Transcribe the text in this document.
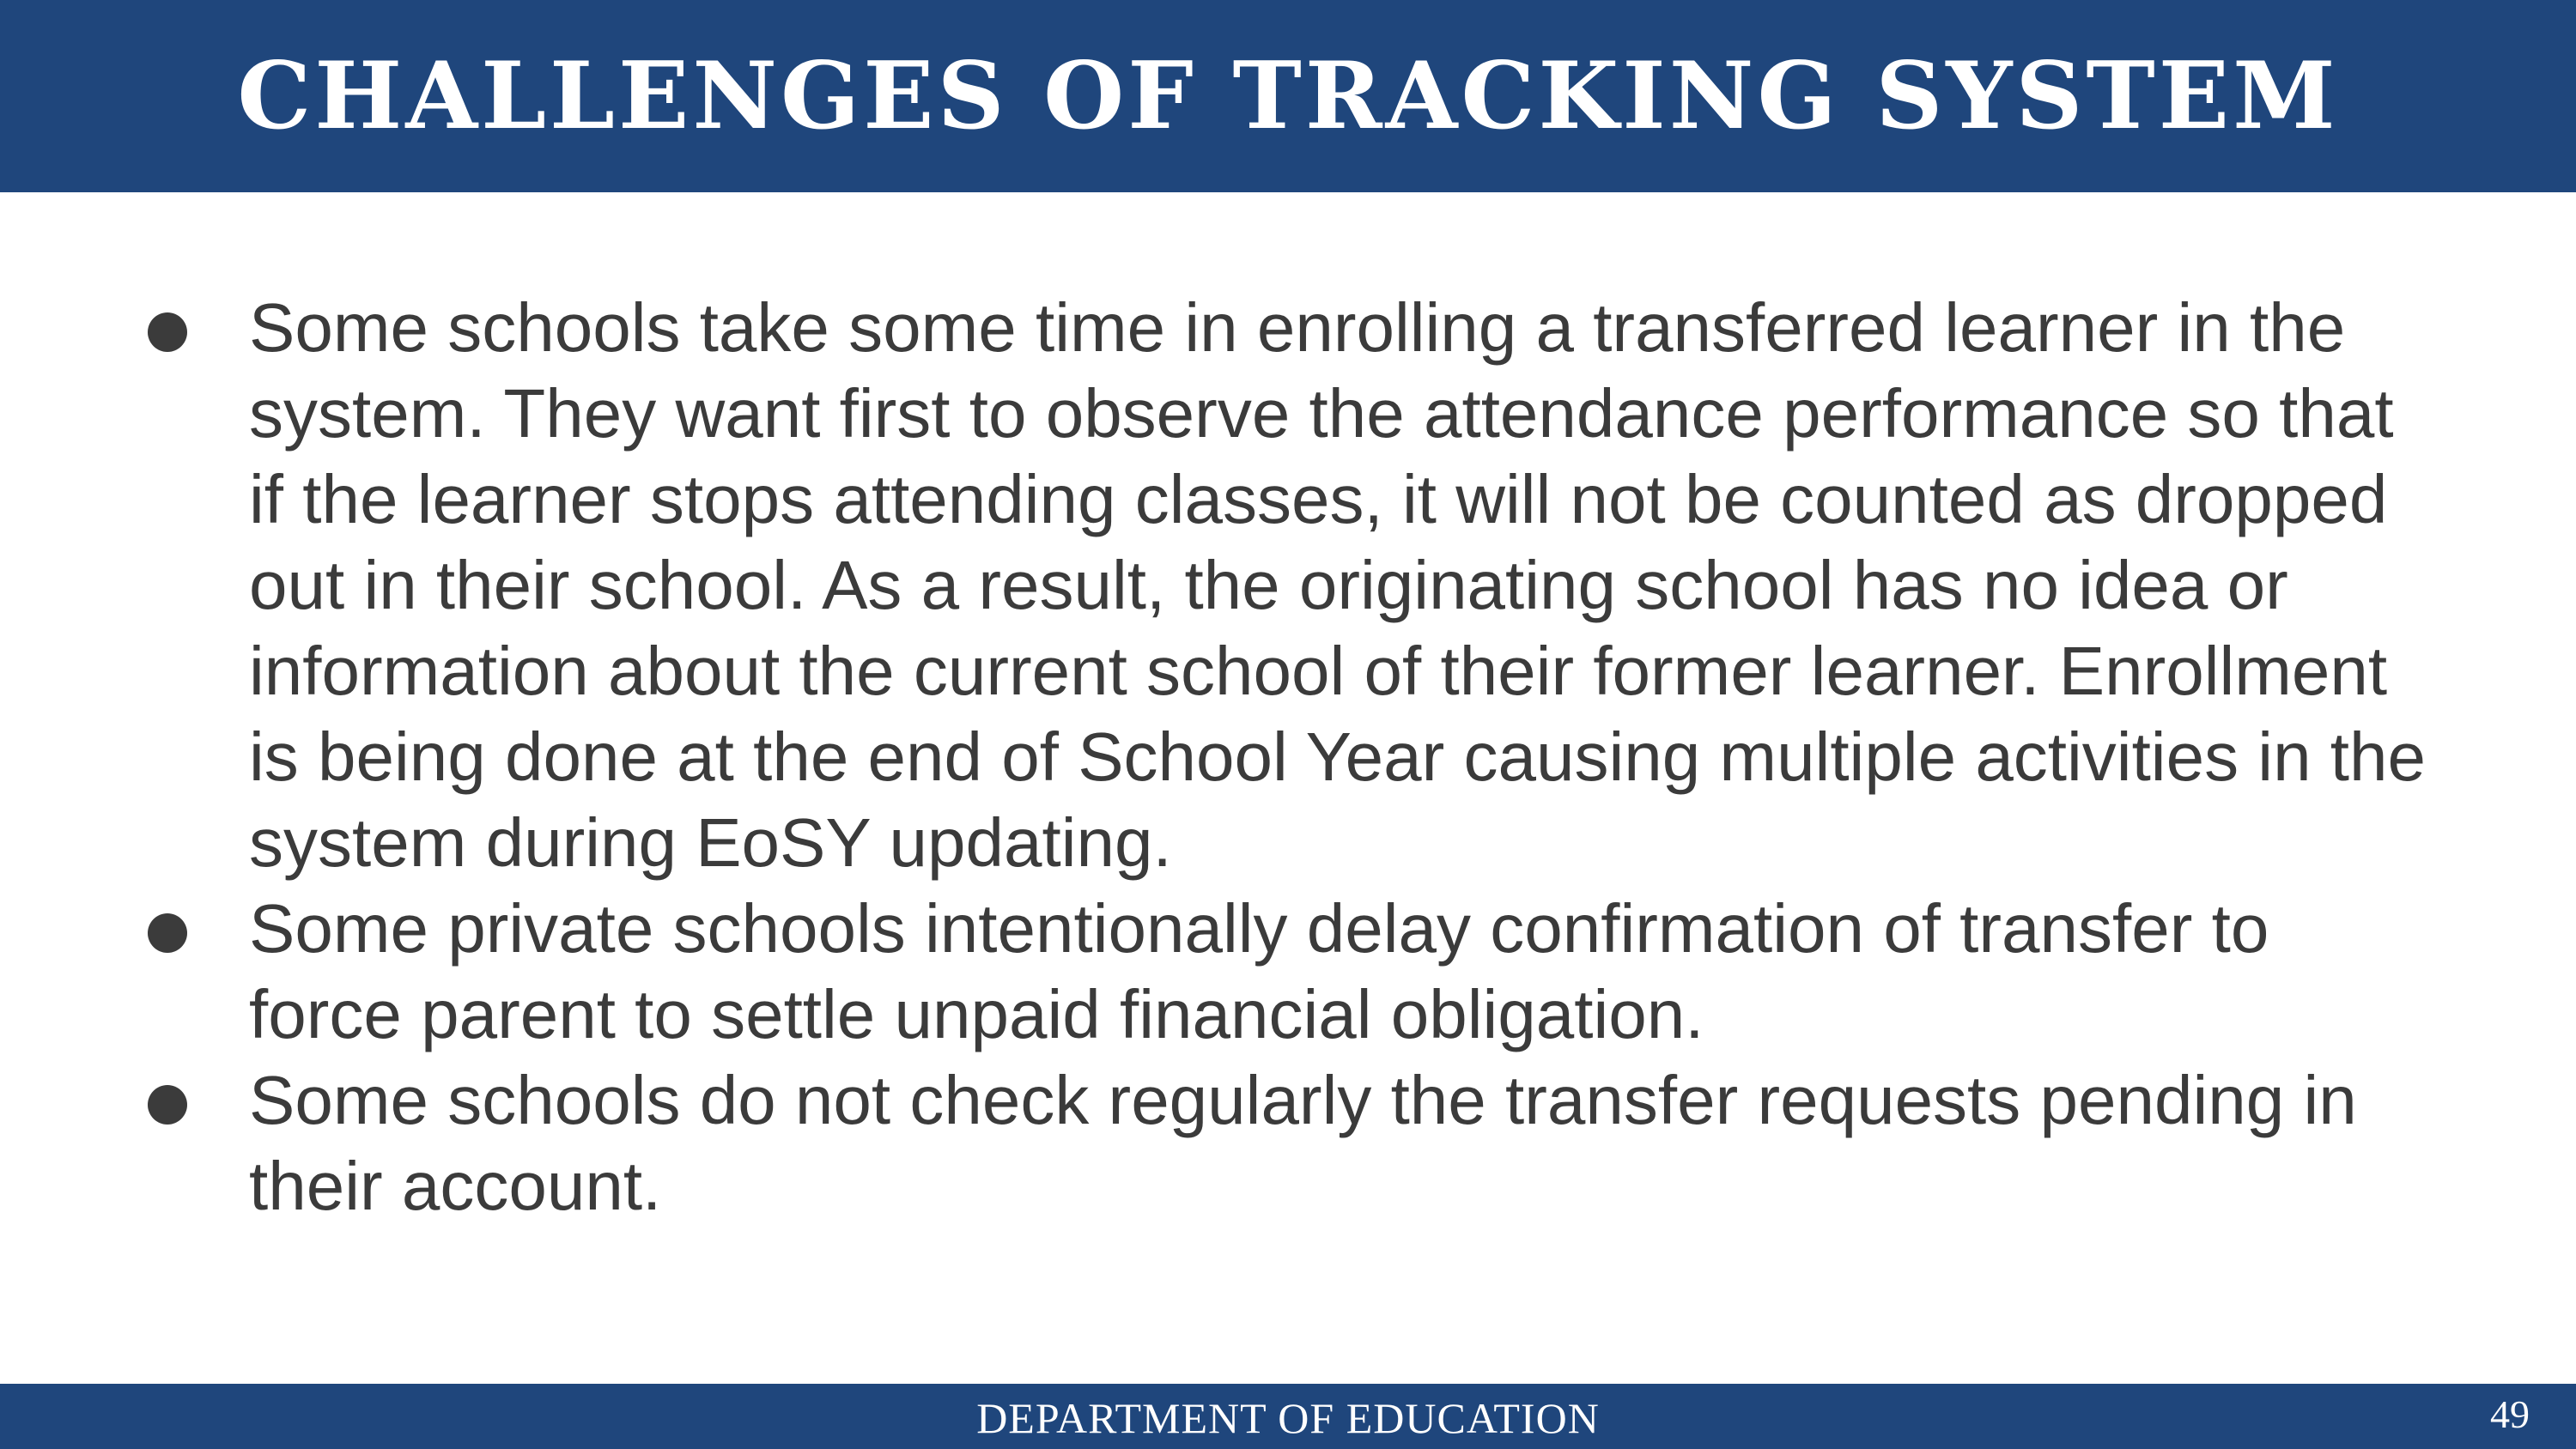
CHALLENGES OF TRACKING SYSTEM
Some schools take some time in enrolling a transferred learner in the system. They want first to observe the attendance performance so that if the learner stops attending classes, it will not be counted as dropped out in their school. As a result, the originating school has no idea or information about the current school of their former learner. Enrollment is being done at the end of School Year causing multiple activities in the system during EoSY updating.
Some private schools intentionally delay confirmation of transfer to force parent to settle unpaid financial obligation.
Some schools do not check regularly the transfer requests pending in their account.
DEPARTMENT OF EDUCATION	49
